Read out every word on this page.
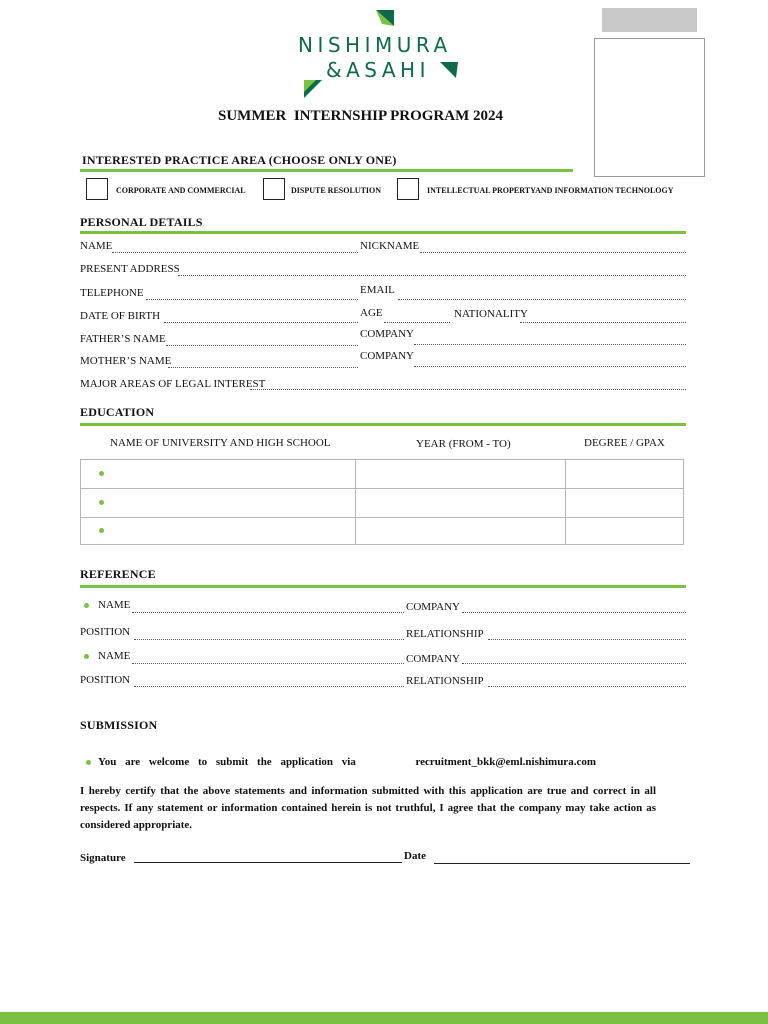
NISHIMURA
&ASAHI
SUMMER  INTERNSHIP PROGRAM 2024
INTERESTED PRACTICE AREA (CHOOSE ONLY ONE)
CORPORATE AND COMMERCIAL	DISPUTE RESOLUTION	INTELLECTUAL PROPERTYAND INFORMATION TECHNOLOGY
PERSONAL DETAILS
NAME	NICKNAME
PRESENT ADDRESS
TELEPHONE	EMAIL
DATE OF BIRTH	AGE	NATIONALITY
FATHER’S NAME	COMPANY
MOTHER’S NAME	COMPANY
MAJOR AREAS OF LEGAL INTEREST
EDUCATION
NAME OF UNIVERSITY AND HIGH SCHOOL	YEAR (FROM - TO)	DEGREE / GPAX
REFERENCE
NAME	COMPANY
POSITION	RELATIONSHIP
NAME	COMPANY
POSITION	RELATIONSHIP
SUBMISSION
You are welcome to submit the application via	recruitment_bkk@eml.nishimura.com
I hereby certify that the above statements and information submitted with this application are true and correct in all respects. If any statement or information contained herein is not truthful, I agree that the company may take action as considered appropriate.
Signature	Date
